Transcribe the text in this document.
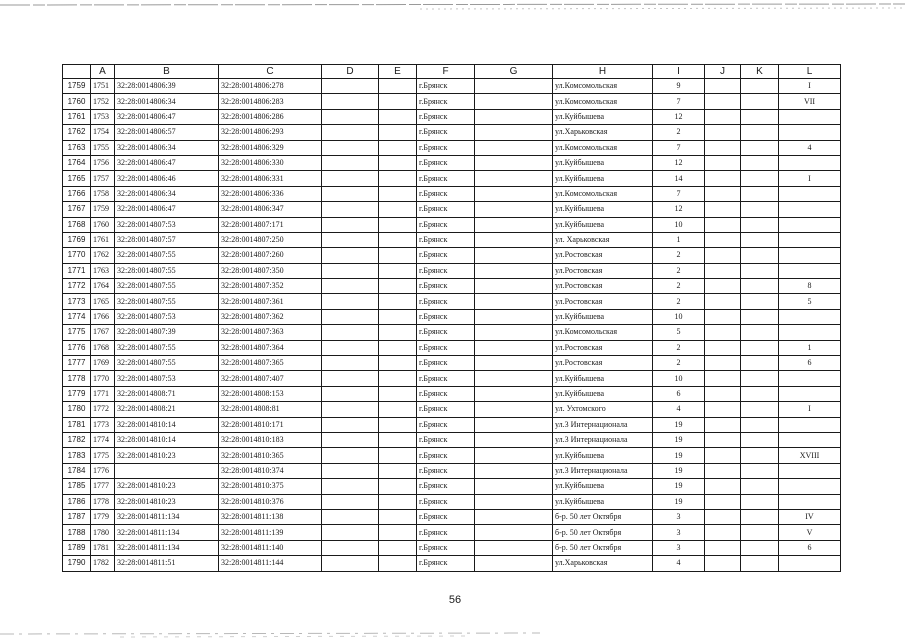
	A	B	C	D	E	F	G	H	I	J	K	L
1759	1751	32:28:0014806:39	32:28:0014806:278			г.Брянск		ул.Комсомольская	9			I
1760	1752	32:28:0014806:34	32:28:0014806:283			г.Брянск		ул.Комсомольская	7			VII
1761	1753	32:28:0014806:47	32:28:0014806:286			г.Брянск		ул.Куйбышева	12			
1762	1754	32:28:0014806:57	32:28:0014806:293			г.Брянск		ул.Харьковская	2			
1763	1755	32:28:0014806:34	32:28:0014806:329			г.Брянск		ул.Комсомольская	7			4
1764	1756	32:28:0014806:47	32:28:0014806:330			г.Брянск		ул.Куйбышева	12			
1765	1757	32:28:0014806:46	32:28:0014806:331			г.Брянск		ул.Куйбышева	14			I
1766	1758	32:28:0014806:34	32:28:0014806:336			г.Брянск		ул.Комсомольская	7			
1767	1759	32:28:0014806:47	32:28:0014806:347			г.Брянск		ул.Куйбышева	12			
1768	1760	32:28:0014807:53	32:28:0014807:171			г.Брянск		ул.Куйбышева	10			
1769	1761	32:28:0014807:57	32:28:0014807:250			г.Брянск		ул. Харьковская	1			
1770	1762	32:28:0014807:55	32:28:0014807:260			г.Брянск		ул.Ростовская	2			
1771	1763	32:28:0014807:55	32:28:0014807:350			г.Брянск		ул.Ростовская	2			
1772	1764	32:28:0014807:55	32:28:0014807:352			г.Брянск		ул.Ростовская	2			8
1773	1765	32:28:0014807:55	32:28:0014807:361			г.Брянск		ул.Ростовская	2			5
1774	1766	32:28:0014807:53	32:28:0014807:362			г.Брянск		ул.Куйбышева	10			
1775	1767	32:28:0014807:39	32:28:0014807:363			г.Брянск		ул.Комсомольская	5			
1776	1768	32:28:0014807:55	32:28:0014807:364			г.Брянск		ул.Ростовская	2			1
1777	1769	32:28:0014807:55	32:28:0014807:365			г.Брянск		ул.Ростовская	2			6
1778	1770	32:28:0014807:53	32:28:0014807:407			г.Брянск		ул.Куйбышева	10			
1779	1771	32:28:0014808:71	32:28:0014808:153			г.Брянск		ул.Куйбышева	6			
1780	1772	32:28:0014808:21	32:28:0014808:81			г.Брянск		ул. Ухтомского	4			I
1781	1773	32:28:0014810:14	32:28:0014810:171			г.Брянск		ул.3 Интернационала	19			
1782	1774	32:28:0014810:14	32:28:0014810:183			г.Брянск		ул.3 Интернационала	19			
1783	1775	32:28:0014810:23	32:28:0014810:365			г.Брянск		ул.Куйбышева	19			XVIII
1784	1776		32:28:0014810:374			г.Брянск		ул.3 Интернационала	19			
1785	1777	32:28:0014810:23	32:28:0014810:375			г.Брянск		ул.Куйбышева	19			
1786	1778	32:28:0014810:23	32:28:0014810:376			г.Брянск		ул.Куйбышева	19			
1787	1779	32:28:0014811:134	32:28:0014811:138			г.Брянск		б-р. 50 лет Октября	3			IV
1788	1780	32:28:0014811:134	32:28:0014811:139			г.Брянск		б-р. 50 лет Октября	3			V
1789	1781	32:28:0014811:134	32:28:0014811:140			г.Брянск		б-р. 50 лет Октября	3			6
1790	1782	32:28:0014811:51	32:28:0014811:144			г.Брянск		ул.Харьковская	4			
56
